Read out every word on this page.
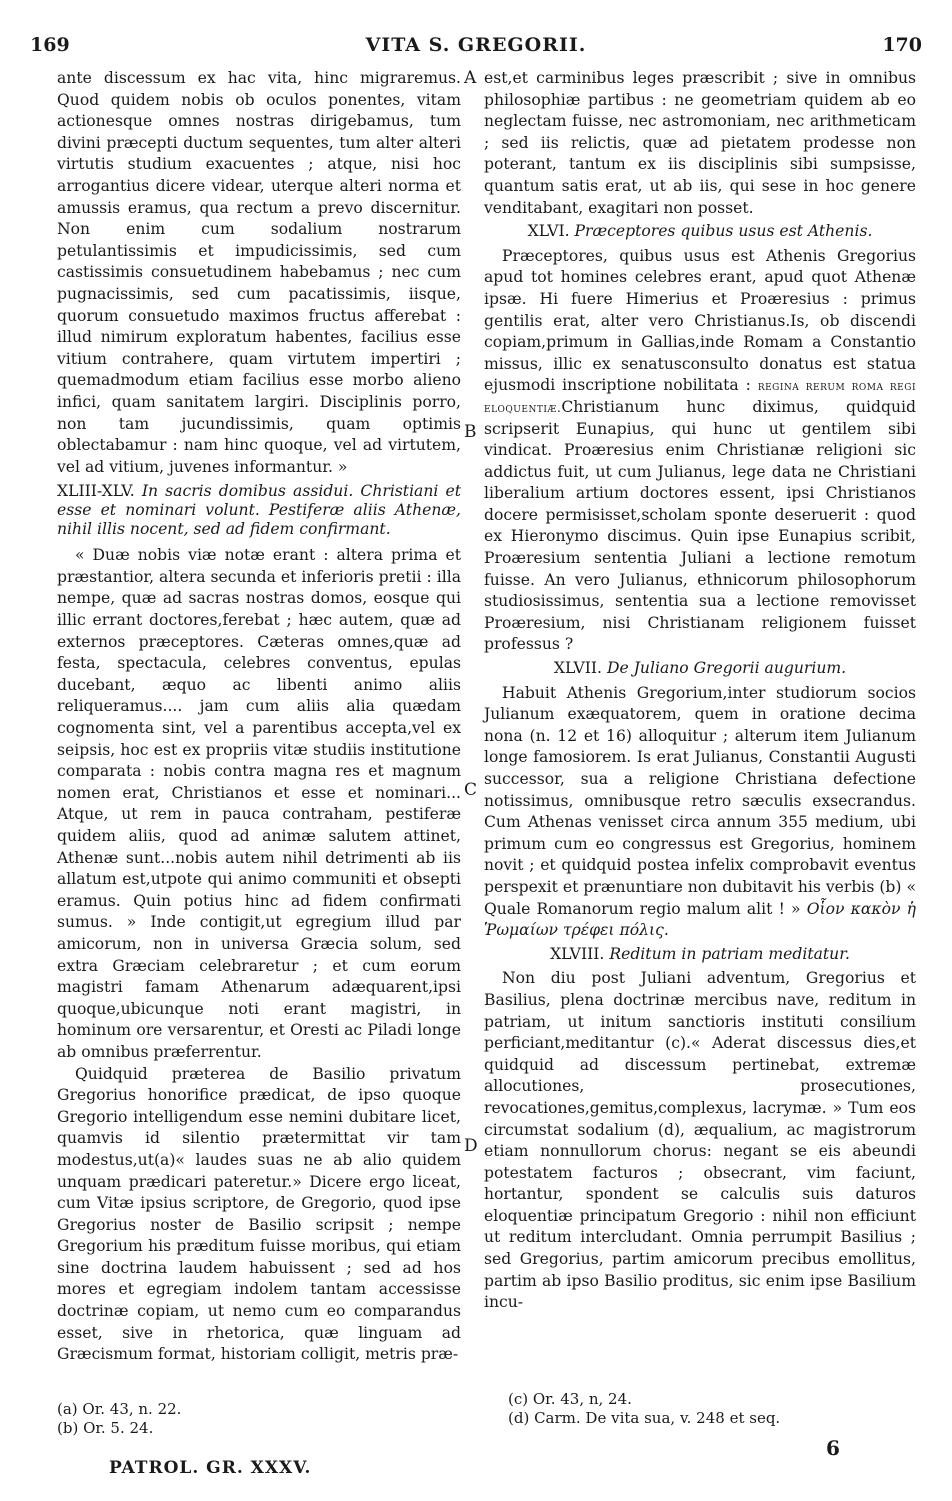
169	VITA S. GREGORII.	170

ante discessum ex hac vita, hinc migraremus. Quod quidem nobis ob oculos ponentes, vitam actionesque omnes nostras dirigebamus, tum divini præcepti ductum sequentes, tum alter alteri virtutis studium exacuentes ; atque, nisi hoc arrogantius dicere videar, uterque alteri norma et amussis eramus, qua rectum a prevo discernitur. Non enim cum sodalium nostrarum petulantissimis et impudicissimis, sed cum castissimis consuetudinem habebamus ; nec cum pugnacissimis, sed cum pacatissimis, iisque, quorum consuetudo maximos fructus afferebat : illud nimirum exploratum habentes, facilius esse vitium contrahere, quam virtutem impertiri ; quemadmodum etiam facilius esse morbo alieno infici, quam sanitatem largiri. Disciplinis porro, non tam jucundissimis, quam optimis oblectabamur : nam hinc quoque, vel ad virtutem, vel ad vitium, juvenes informantur. »

XLIII-XLV. In sacris domibus assidui. Christiani et esse et nominari volunt. Pestiferæ aliis Athenæ, nihil illis nocent, sed ad fidem confirmant.

« Duæ nobis viæ notæ erant : altera prima et præstantior, altera secunda et inferioris pretii : illa nempe, quæ ad sacras nostras domos, eosque qui illic errant doctores,ferebat ; hæc autem, quæ ad externos præceptores. Cæteras omnes,quæ ad festa, spectacula, celebres conventus, epulas ducebant, æquo ac libenti animo aliis reliqueramus.... jam cum aliis alia quædam cognomenta sint, vel a parentibus accepta,vel ex seipsis, hoc est ex propriis vitæ studiis institutione comparata : nobis contra magna res et magnum nomen erat, Christianos et esse et nominari... Atque, ut rem in pauca contraham, pestiferæ quidem aliis, quod ad animæ salutem attinet, Athenæ sunt...nobis autem nihil detrimenti ab iis allatum est,utpote qui animo communiti et obsepti eramus. Quin potius hinc ad fidem confirmati sumus. » Inde contigit,ut egregium illud par amicorum, non in universa Græcia solum, sed extra Græciam celebraretur ; et cum eorum magistri famam Athenarum adæquarent,ipsi quoque,ubicunque noti erant magistri, in hominum ore versarentur, et Oresti ac Piladi longe ab omnibus præferrentur.

Quidquid præterea de Basilio privatum Gregorius honorifice prædicat, de ipso quoque Gregorio intelligendum esse nemini dubitare licet, quamvis id silentio prætermittat vir tam modestus,ut(a)« laudes suas ne ab alio quidem unquam prædicari pateretur.» Dicere ergo liceat, cum Vitæ ipsius scriptore, de Gregorio, quod ipse Gregorius noster de Basilio scripsit ; nempe Gregorium his præditum fuisse moribus, qui etiam sine doctrina laudem habuissent ; sed ad hos mores et egregiam indolem tantam accessisse doctrinæ copiam, ut nemo cum eo comparandus esset, sive in rhetorica, quæ linguam ad Græcismum format, historiam colligit, metris præ-

A
B
C
D

est,et carminibus leges præscribit ; sive in omnibus philosophiæ partibus : ne geometriam quidem ab eo neglectam fuisse, nec astromoniam, nec arithmeticam ; sed iis relictis, quæ ad pietatem prodesse non poterant, tantum ex iis disciplinis sibi sumpsisse, quantum satis erat, ut ab iis, qui sese in hoc genere venditabant, exagitari non posset.

XLVI. Præceptores quibus usus est Athenis.

Præceptores, quibus usus est Athenis Gregorius apud tot homines celebres erant, apud quot Athenæ ipsæ. Hi fuere Himerius et Proæresius : primus gentilis erat, alter vero Christianus.Is, ob discendi copiam,primum in Gallias,inde Romam a Constantio missus, illic ex senatusconsulto donatus est statua ejusmodi inscriptione nobilitata : regina rerum roma regi eloquentiæ.Christianum hunc diximus, quidquid scripserit Eunapius, qui hunc ut gentilem sibi vindicat. Proæresius enim Christianæ religioni sic addictus fuit, ut cum Julianus, lege data ne Christiani liberalium artium doctores essent, ipsi Christianos docere permisisset,scholam sponte deseruerit : quod ex Hieronymo discimus. Quin ipse Eunapius scribit, Proæresium sententia Juliani a lectione remotum fuisse. An vero Julianus, ethnicorum philosophorum studiosissimus, sententia sua a lectione removisset Proæresium, nisi Christianam religionem fuisset professus ?

XLVII. De Juliano Gregorii augurium.

Habuit Athenis Gregorium,inter studiorum socios Julianum exæquatorem, quem in oratione decima nona (n. 12 et 16) alloquitur ; alterum item Julianum longe famosiorem. Is erat Julianus, Constantii Augusti successor, sua a religione Christiana defectione notissimus, omnibusque retro sæculis exsecrandus. Cum Athenas venisset circa annum 355 medium, ubi primum cum eo congressus est Gregorius, hominem novit ; et quidquid postea infelix comprobavit eventus perspexit et prænuntiare non dubitavit his verbis (b) « Quale Romanorum regio malum alit ! » Οἷον κακὸν ἡ Ῥωμαίων τρέφει πόλις.

XLVIII. Reditum in patriam meditatur.

Non diu post Juliani adventum, Gregorius et Basilius, plena doctrinæ mercibus nave, reditum in patriam, ut initum sanctioris instituti consilium perficiant,meditantur (c).« Aderat discessus dies,et quidquid ad discessum pertinebat, extremæ allocutiones, prosecutiones, revocationes,gemitus,complexus, lacrymæ. » Tum eos circumstat sodalium (d), æqualium, ac magistrorum etiam nonnullorum chorus: negant se eis abeundi potestatem facturos ; obsecrant, vim faciunt, hortantur, spondent se calculis suis daturos eloquentiæ principatum Gregorio : nihil non efficiunt ut reditum intercludant. Omnia perrumpit Basilius ; sed Gregorius, partim amicorum precibus emollitus, partim ab ipso Basilio proditus, sic enim ipse Basilium incu-

(a) Or. 43, n. 22.
(b) Or. 5. 24.
(c) Or. 43, n, 24.
(d) Carm. De vita sua, v. 248 et seq.
PATROL. GR. XXXV.
6
